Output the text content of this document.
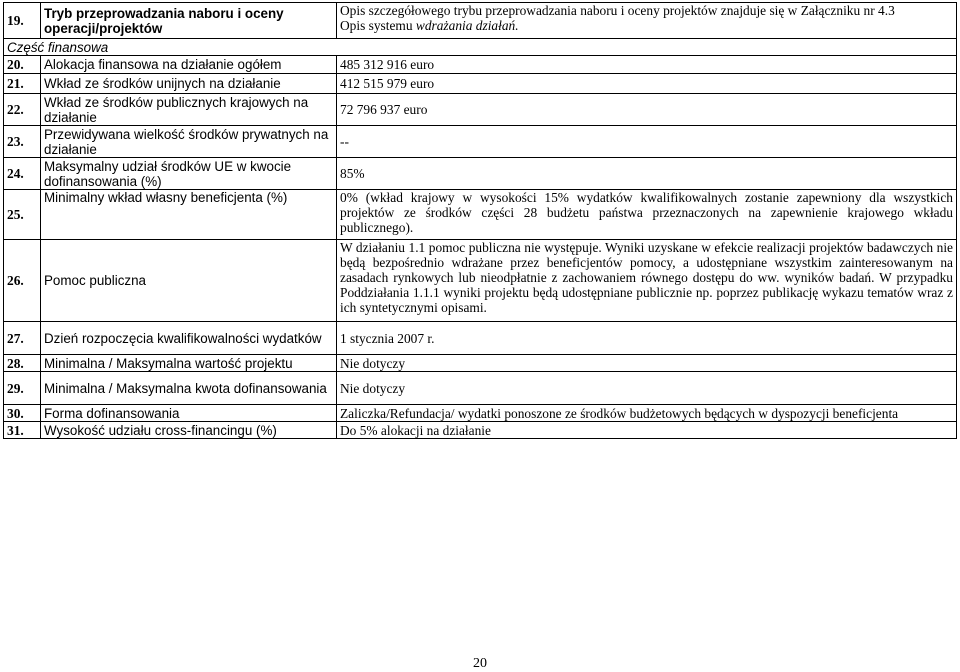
19.	Tryb przeprowadzania naboru i oceny operacji/projektów	Opis szczegółowego trybu przeprowadzania naboru i oceny projektów znajduje się w Załączniku nr 4.3
Opis systemu wdrażania działań.

Część finansowa		
20.	Alokacja finansowa na działanie ogółem	485 312 916 euro
21.	Wkład ze środków unijnych na działanie	412 515 979 euro
22.	Wkład ze środków publicznych krajowych na działanie	72 796 937 euro
23.	Przewidywana wielkość środków prywatnych na działanie	--
24.	Maksymalny udział środków UE w kwocie dofinansowania (%)	85%
25.	Minimalny wkład własny beneficjenta (%)	0% (wkład krajowy w wysokości 15% wydatków kwalifikowalnych zostanie zapewniony dla wszystkich projektów ze środków części 28 budżetu państwa przeznaczonych na zapewnienie krajowego wkładu publicznego).
26.	Pomoc publiczna	W działaniu 1.1 pomoc publiczna nie występuje. Wyniki uzyskane w efekcie realizacji projektów badawczych nie będą bezpośrednio wdrażane przez beneficjentów pomocy, a udostępniane wszystkim zainteresowanym na zasadach rynkowych lub nieodpłatnie z zachowaniem równego dostępu do ww. wyników badań. W przypadku Poddziałania 1.1.1 wyniki projektu będą udostępniane publicznie np. poprzez publikację wykazu tematów wraz z ich syntetycznymi opisami.
27.	Dzień rozpoczęcia kwalifikowalności wydatków	1 stycznia 2007 r.
28.	Minimalna / Maksymalna wartość projektu	Nie dotyczy
29.	Minimalna / Maksymalna kwota dofinansowania	Nie dotyczy
30.	Forma dofinansowania	Zaliczka/Refundacja/ wydatki ponoszone ze środków budżetowych będących w dyspozycji beneficjenta
31.	Wysokość udziału cross-financingu (%)	Do 5% alokacji na działanie
20
